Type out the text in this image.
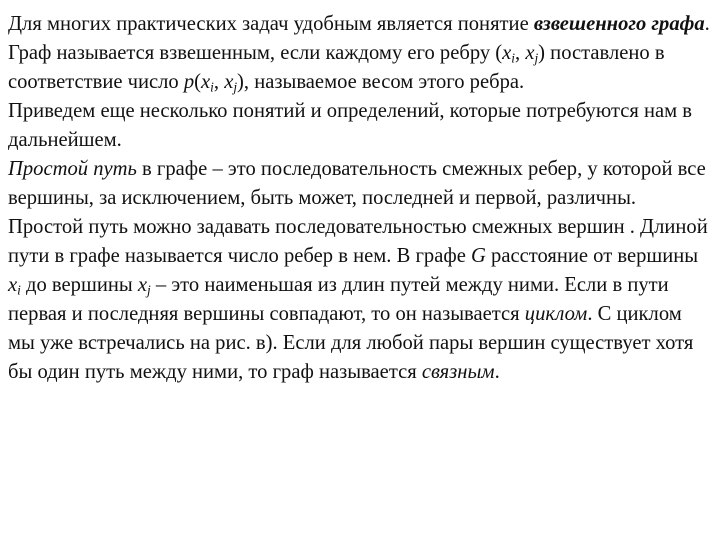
Для многих практических задач удобным является понятие взвешенного графа. Граф называется взвешенным, если каждому его ребру ($x_i$, $x_j$) поставлено в соответствие число $p(x_i$, $x_j$), называемое весом этого ребра.

Приведем еще несколько понятий и определений, которые потребуются нам в дальнейшем.

Простой путь в графе – это последовательность смежных ребер, у которой все вершины, за исключением, быть может, последней и первой, различны. Простой путь можно задавать последовательностью смежных вершин . Длиной пути в графе называется число ребер в нем. В графе G расстояние от вершины $x_i$ до вершины $x_j$ – это наименьшая из длин путей между ними. Если в пути первая и последняя вершины совпадают, то он называется циклом. С циклом мы уже встречались на рис. в). Если для любой пары вершин существует хотя бы один путь между ними, то граф называется связным.
